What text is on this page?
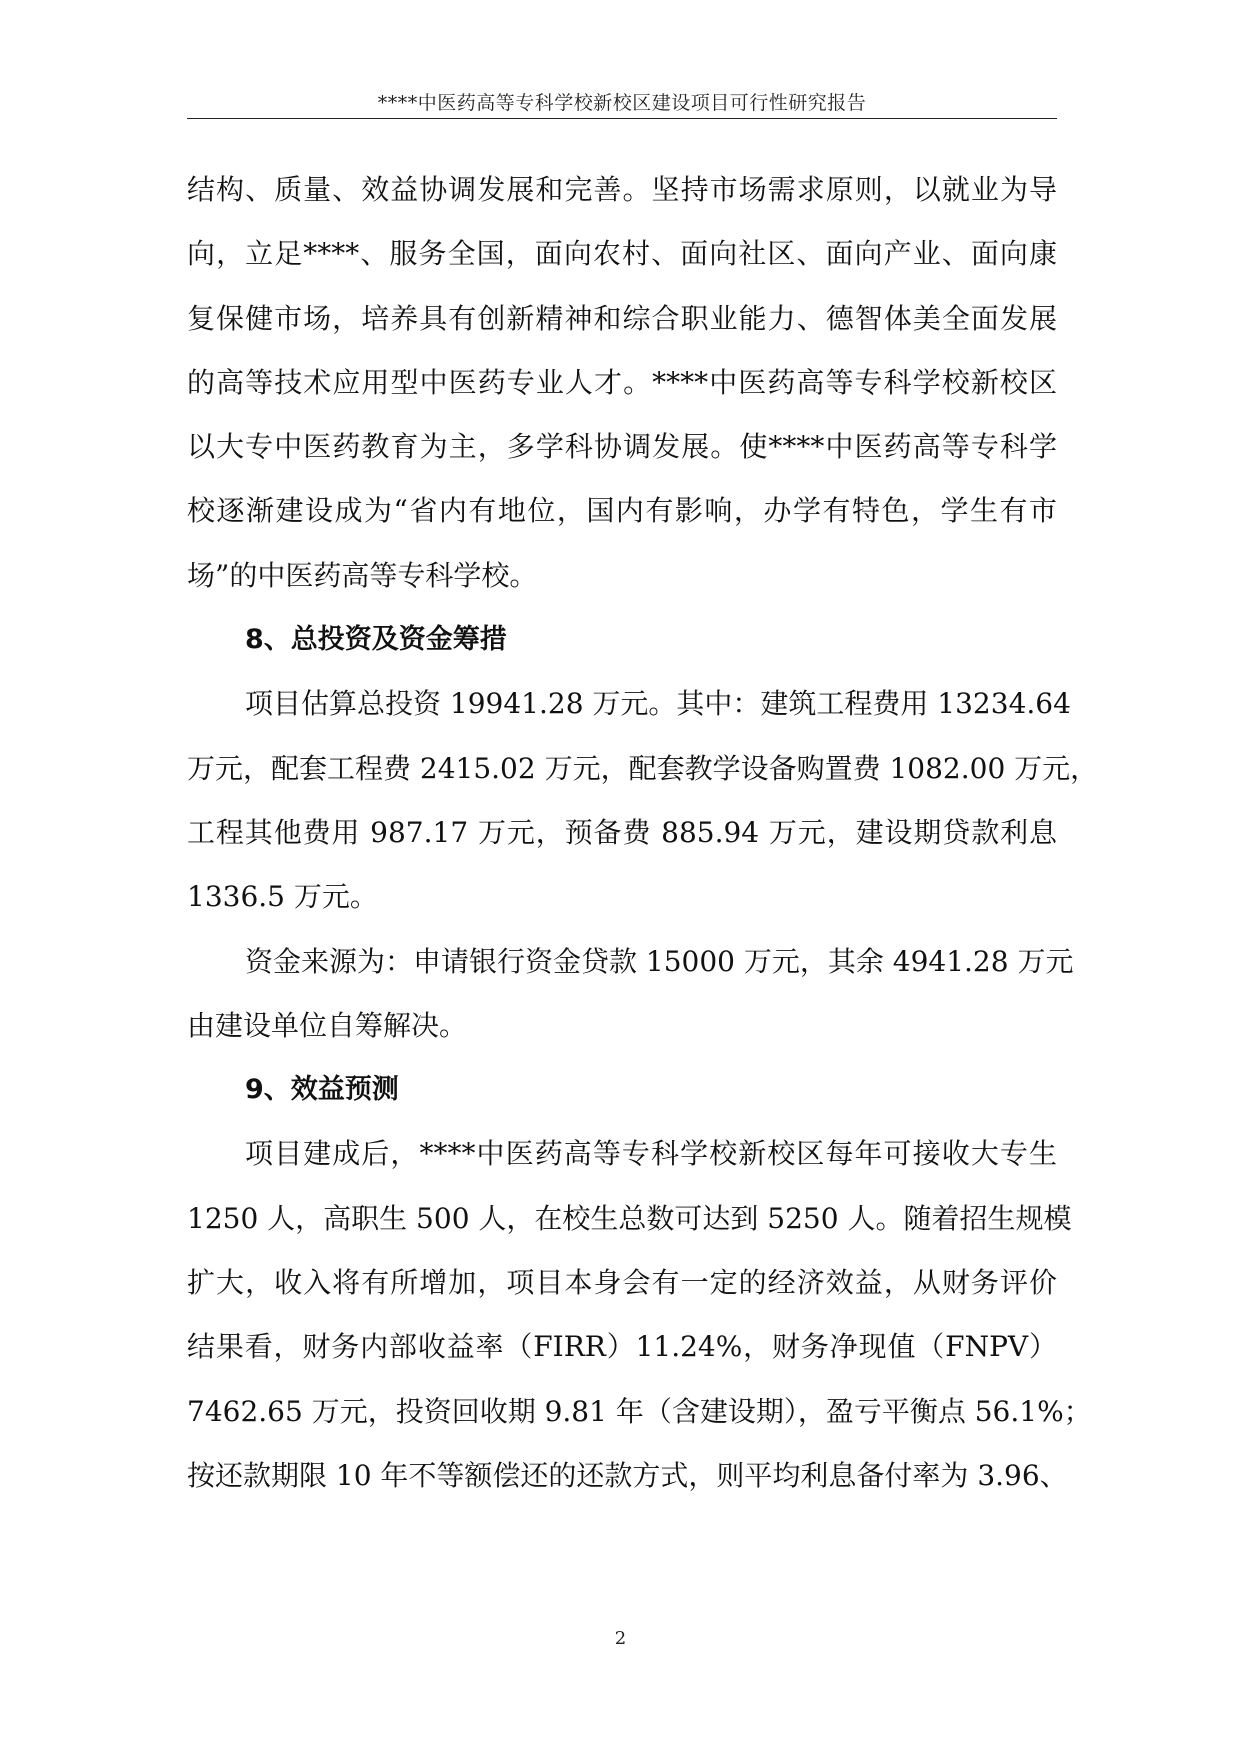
****中医药高等专科学校新校区建设项目可行性研究报告
结构、质量、效益协调发展和完善。坚持市场需求原则，以就业为导
向，立足****、服务全国，面向农村、面向社区、面向产业、面向康
复保健市场，培养具有创新精神和综合职业能力、德智体美全面发展
的高等技术应用型中医药专业人才。****中医药高等专科学校新校区
以大专中医药教育为主，多学科协调发展。使****中医药高等专科学
校逐渐建设成为“省内有地位，国内有影响，办学有特色，学生有市
场”的中医药高等专科学校。
8、总投资及资金筹措
项目估算总投资 19941.28 万元。其中：建筑工程费用 13234.64
万元，配套工程费 2415.02 万元，配套教学设备购置费 1082.00 万元，
工程其他费用 987.17 万元，预备费 885.94 万元，建设期贷款利息
1336.5 万元。
资金来源为：申请银行资金贷款 15000 万元，其余 4941.28 万元
由建设单位自筹解决。
9、效益预测
项目建成后，****中医药高等专科学校新校区每年可接收大专生
1250 人，高职生 500 人，在校生总数可达到 5250 人。随着招生规模
扩大，收入将有所增加，项目本身会有一定的经济效益，从财务评价
结果看，财务内部收益率（FIRR）11.24%，财务净现值（FNPV）
7462.65 万元，投资回收期 9.81 年（含建设期），盈亏平衡点 56.1%；
按还款期限 10 年不等额偿还的还款方式，则平均利息备付率为 3.96、
2
